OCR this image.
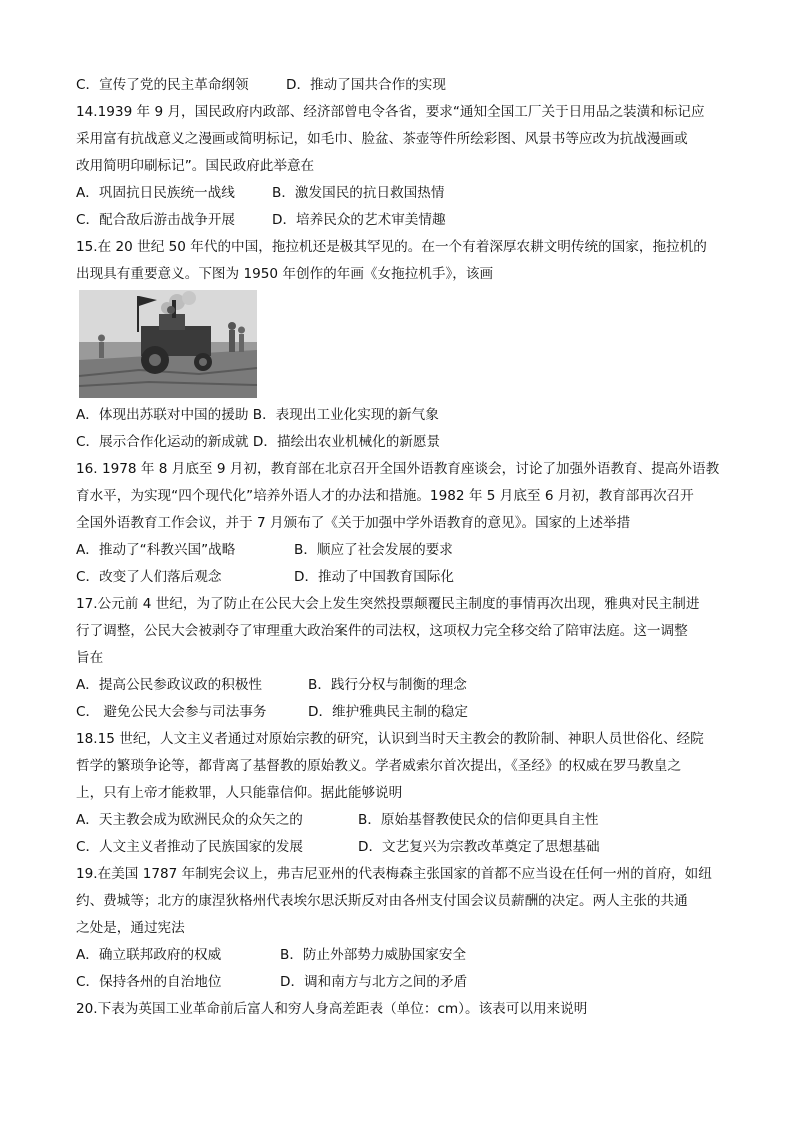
C．宣传了党的民主革命纲领	D．推动了国共合作的实现
14.1939 年 9 月，国民政府内政部、经济部曾电令各省，要求“通知全国工厂关于日用品之装潢和标记应
采用富有抗战意义之漫画或简明标记，如毛巾、脸盆、茶壶等件所绘彩图、风景书等应改为抗战漫画或
改用简明印刷标记”。国民政府此举意在
A．巩固抗日民族统一战线	B．激发国民的抗日救国热情
C．配合敌后游击战争开展	D．培养民众的艺术审美情趣
15.在 20 世纪 50 年代的中国，拖拉机还是极其罕见的。在一个有着深厚农耕文明传统的国家，拖拉机的
出现具有重要意义。下图为 1950 年创作的年画《女拖拉机手》，该画
A．体现出苏联对中国的援助 B．表现出工业化实现的新气象
C．展示合作化运动的新成就 D．描绘出农业机械化的新愿景
16. 1978 年 8 月底至 9 月初，教育部在北京召开全国外语教育座谈会，讨论了加强外语教育、提高外语教
育水平，为实现“四个现代化”培养外语人才的办法和措施。1982 年 5 月底至 6 月初，教育部再次召开
全国外语教育工作会议，并于 7 月颁布了《关于加强中学外语教育的意见》。国家的上述举措
A．推动了“科教兴国”战略	B．顺应了社会发展的要求
C．改变了人们落后观念	D．推动了中国教育国际化
17.公元前 4 世纪，为了防止在公民大会上发生突然投票颠覆民主制度的事情再次出现，雅典对民主制进
行了调整，公民大会被剥夺了审理重大政治案件的司法权，这项权力完全移交给了陪审法庭。这一调整
旨在
A．提高公民参政议政的积极性	B．践行分权与制衡的理念
C． 避免公民大会参与司法事务	D．维护雅典民主制的稳定
18.15 世纪，人文主义者通过对原始宗教的研究，认识到当时天主教会的教阶制、神职人员世俗化、经院
哲学的繁琐争论等，都背离了基督教的原始教义。学者威索尔首次提出，《圣经》的权威在罗马教皇之
上，只有上帝才能救罪，人只能靠信仰。据此能够说明
A．天主教会成为欧洲民众的众矢之的	B．原始基督教使民众的信仰更具自主性
C．人文主义者推动了民族国家的发展	D．文艺复兴为宗教改革奠定了思想基础
19.在美国 1787 年制宪会议上，弗吉尼亚州的代表梅森主张国家的首都不应当设在任何一州的首府，如纽
约、费城等；北方的康涅狄格州代表埃尔思沃斯反对由各州支付国会议员薪酬的决定。两人主张的共通
之处是，通过宪法
A．确立联邦政府的权威	B．防止外部势力威胁国家安全
C．保持各州的自治地位	D．调和南方与北方之间的矛盾
20.下表为英国工业革命前后富人和穷人身高差距表（单位：cm）。该表可以用来说明
